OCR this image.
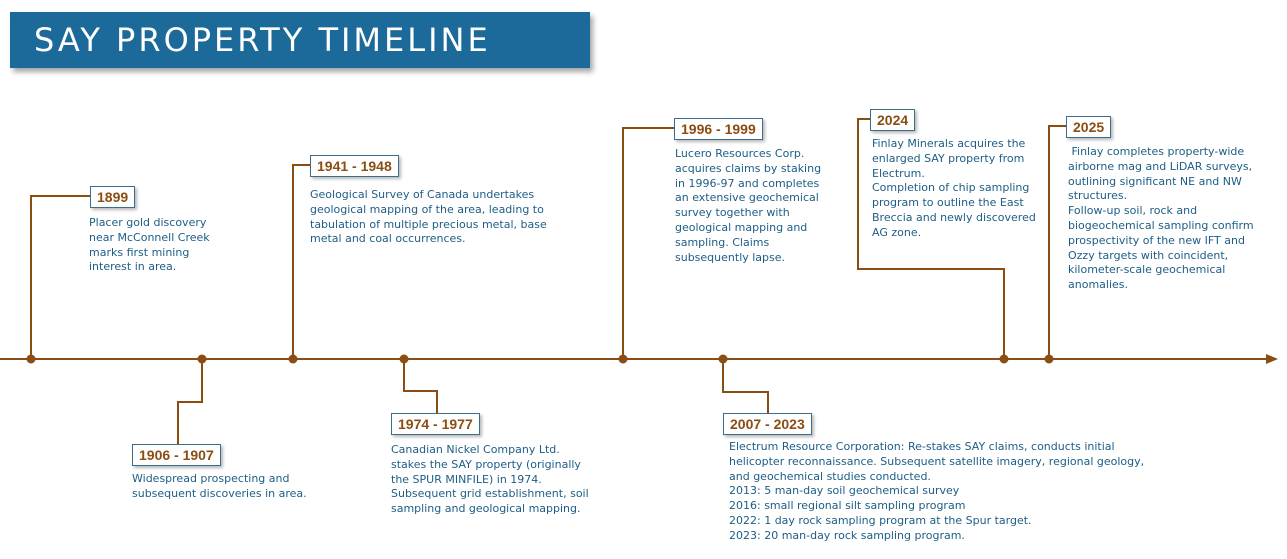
SAY PROPERTY TIMELINE
1899
Placer gold discovery
near McConnell Creek
marks first mining
interest in area.
1906 - 1907
Widespread prospecting and
subsequent discoveries in area.
1941 - 1948
Geological Survey of Canada undertakes
geological mapping of the area, leading to
tabulation of multiple precious metal, base
metal and coal occurrences.
1974 - 1977
Canadian Nickel Company Ltd.
stakes the SAY property (originally
the SPUR MINFILE) in 1974.
Subsequent grid establishment, soil
sampling and geological mapping.
1996 - 1999
Lucero Resources Corp.
acquires claims by staking
in 1996-97 and completes
an extensive geochemical
survey together with
geological mapping and
sampling. Claims
subsequently lapse.
2007 - 2023
Electrum Resource Corporation: Re-stakes SAY claims, conducts initial
helicopter reconnaissance. Subsequent satellite imagery, regional geology,
and geochemical studies conducted.
2013: 5 man-day soil geochemical survey
2016: small regional silt sampling program
2022: 1 day rock sampling program at the Spur target.
2023: 20 man-day rock sampling program.
2024
Finlay Minerals acquires the
enlarged SAY property from
Electrum.
Completion of chip sampling
program to outline the East
Breccia and newly discovered
AG zone.
2025
Finlay completes property-wide
airborne mag and LiDAR surveys,
outlining significant NE and NW
structures.
Follow-up soil, rock and
biogeochemical sampling confirm
prospectivity of the new IFT and
Ozzy targets with coincident,
kilometer-scale geochemical
anomalies.
